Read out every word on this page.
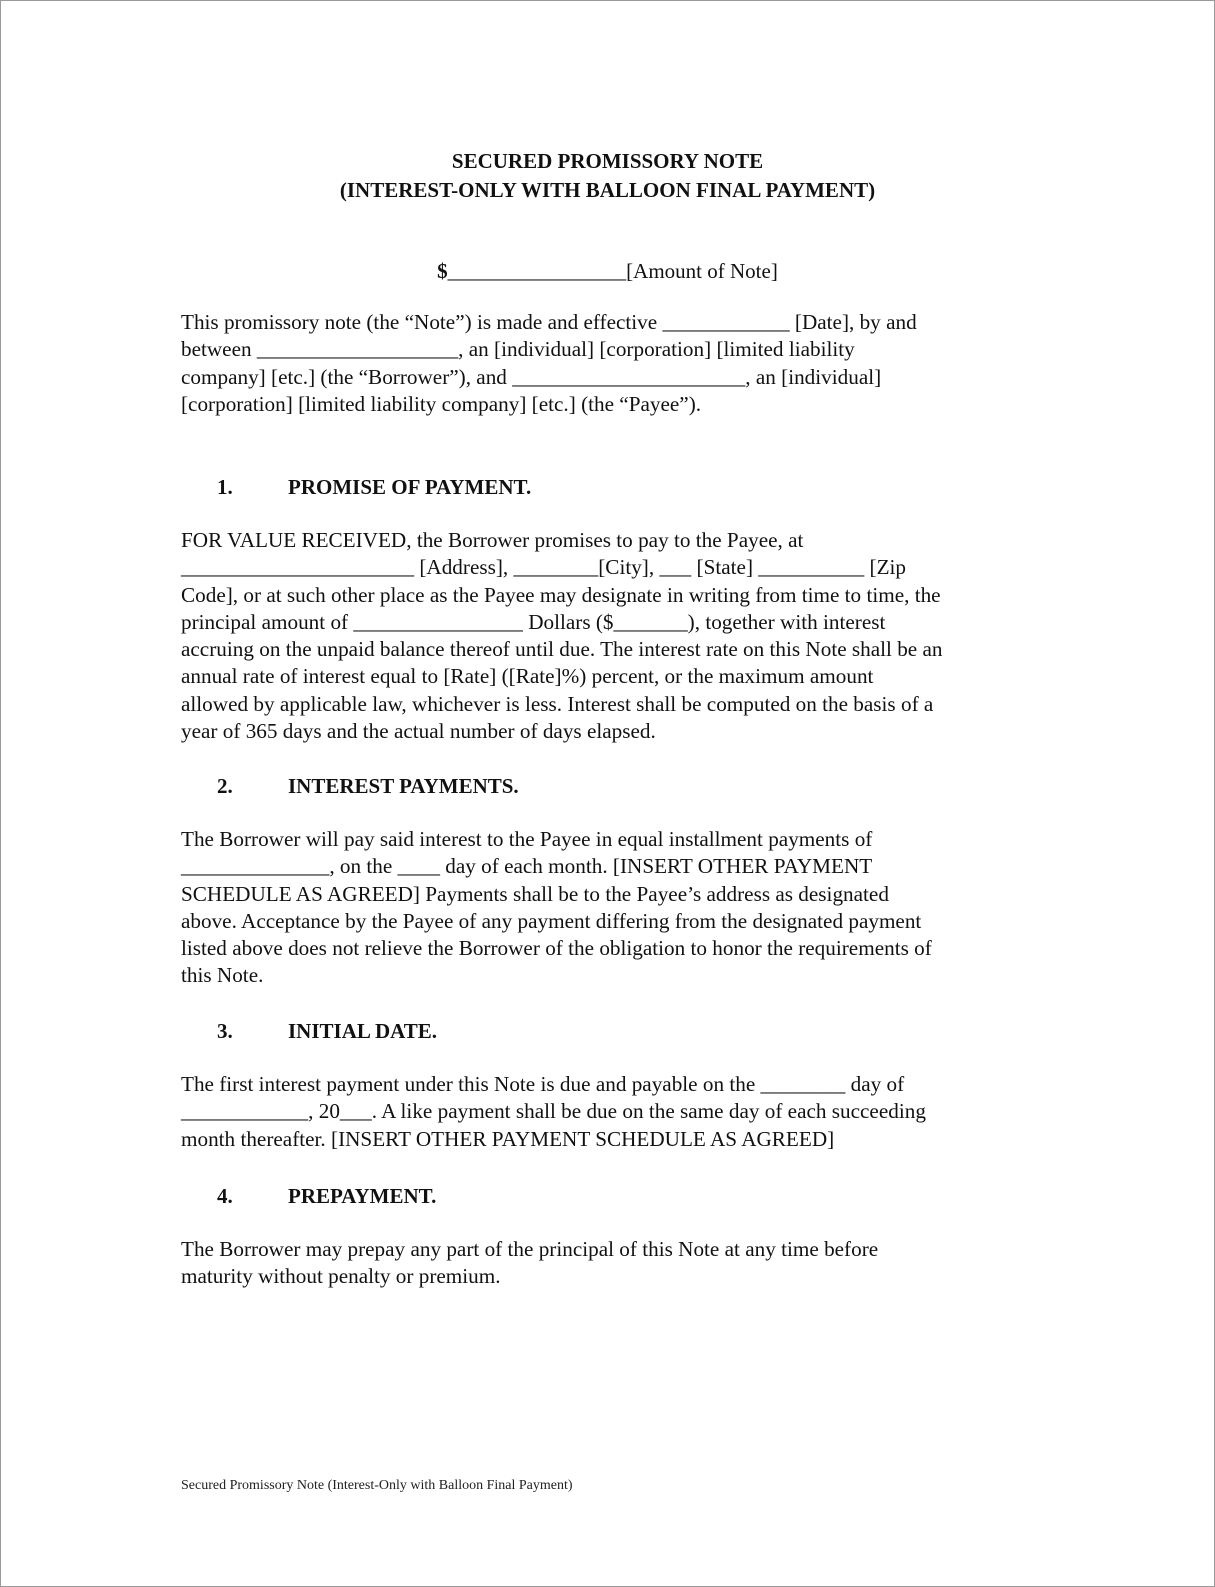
SECURED PROMISSORY NOTE
(INTEREST-ONLY WITH BALLOON FINAL PAYMENT)
$_________________[Amount of Note]
This promissory note (the “Note”) is made and effective ____________ [Date], by and
between ___________________, an [individual] [corporation] [limited liability
company] [etc.] (the “Borrower”), and ______________________, an [individual]
[corporation] [limited liability company] [etc.] (the “Payee”).
1.	PROMISE OF PAYMENT.
FOR VALUE RECEIVED, the Borrower promises to pay to the Payee, at
______________________ [Address], ________[City], ___ [State] __________ [Zip
Code], or at such other place as the Payee may designate in writing from time to time, the
principal amount of ________________ Dollars ($_______), together with interest
accruing on the unpaid balance thereof until due. The interest rate on this Note shall be an
annual rate of interest equal to [Rate] ([Rate]%) percent, or the maximum amount
allowed by applicable law, whichever is less. Interest shall be computed on the basis of a
year of 365 days and the actual number of days elapsed.
2.	INTEREST PAYMENTS.
The Borrower will pay said interest to the Payee in equal installment payments of
______________, on the ____ day of each month. [INSERT OTHER PAYMENT
SCHEDULE AS AGREED] Payments shall be to the Payee’s address as designated
above. Acceptance by the Payee of any payment differing from the designated payment
listed above does not relieve the Borrower of the obligation to honor the requirements of
this Note.
3.	INITIAL DATE.
The first interest payment under this Note is due and payable on the ________ day of
____________, 20___. A like payment shall be due on the same day of each succeeding
month thereafter. [INSERT OTHER PAYMENT SCHEDULE AS AGREED]
4.	PREPAYMENT.
The Borrower may prepay any part of the principal of this Note at any time before
maturity without penalty or premium.
Secured Promissory Note (Interest-Only with Balloon Final Payment)
